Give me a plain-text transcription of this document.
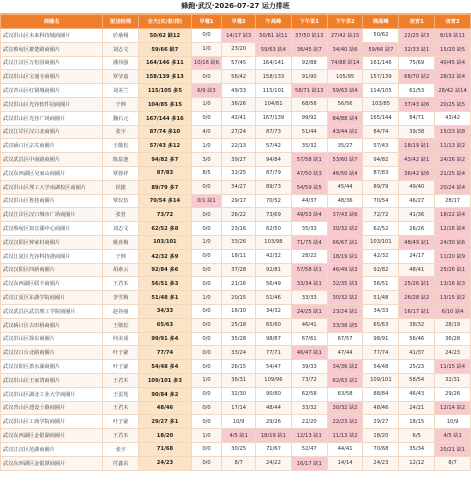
蜂跑·武汉·2026-07-27 运力排班
商圈名	配送经理	全天(实/差/排)	早餐1	早餐2	午高峰	下午茶1	下午茶2	晚高峰	夜宵1	夜宵2
武汉洪山区未来科技城商圈片	於桑栩	50/62 缺12	0/0	14/17 缺3	50/61 缺11	37/50 缺13	27/42 缺15	50/62	22/25 缺3	8/19 缺11
武汉蔡甸区雄楚路商圈片	刘志文	59/66 缺7	1/0	23/20	59/63 缺4	38/45 缺7	34/40 缺6	59/66 缺7	32/33 缺1	15/20 缺5
武汉江汉区万松园商圈片	潘伟强	164/146 多11	10/16 缺6	57/45	164/141	92/88	74/88 缺14	161/146	75/69	40/45 缺4
武汉洪山区宝通寺商圈片	覃莹嘉	158/139 多13	0/0	56/42	158/133	91/90	105/95	157/139	68/70 缺2	28/32 缺4
武汉青山区红钢城商圈片	刘美兰	115/105 多5	6/9 缺3	49/33	115/101	58/71 缺13	59/63 缺4	114/105	61/53	28/42 缺14
武汉洪山区光谷软件园商圈片	于帅	104/85 多15	1/0	36/26	104/81	68/56	56/56	103/85	37/43 缺6	20/25 缺5
武汉洪山区光谷广场商圈片	魏石元	167/144 多16	0/0	42/41	167/139	99/92	84/88 缺4	165/144	84/71	43/42
武汉江岸区汉口北商圈片	张宇	87/74 多10	4/0	27/24	87/73	51/44	43/44 缺1	84/74	39/38	15/23 缺8
武汉硚口区宗关商圈片	王敬松	57/43 多12	1/0	22/13	57/42	35/32	35/27	57/43	18/19 缺1	11/13 缺2
武汉武昌区中南路商圈片	陈泉池	94/82 多7	3/0	39/27	94/84	57/58 缺1	53/60 缺7	94/82	43/42 缺1	24/26 缺2
武汉东西湖区吴家山商圈片	覃蓉祥	87/83	8/5	32/25	87/79	47/50 缺3	46/50 缺4	87/83	36/42 缺6	21/25 缺4
武汉洪山区理工大学南湖校区商圈片	侯捷	89/79 多7	0/0	34/27	89/73	54/59 缺5	45/44	89/79	49/40	20/24 缺4
武汉洪山区鲁巷商圈片	覃玟伍	70/54 多14	0/1 缺1	29/17	70/52	44/37	48/36	70/54	46/27	28/17
武汉江岸区汉口城市广场商圈片	张菅	73/72	0/0	26/22	73/69	49/53 缺4	37/43 缺6	72/72	41/36	18/22 缺4
武汉蔡甸区知音湖中心商圈片	刘志文	62/52 多8	0/0	23/16	62/50	35/33	30/32 缺2	62/52	26/26	12/16 缺4
武汉汉阳区钟家村商圈片	姚喜梅	103/101	1/0	33/26	103/98	71/75 缺4	66/67 缺1	103/101	48/49 缺1	24/30 缺6
武汉江夏区光谷科技港商圈片	于帅	42/32 多9	0/0	18/11	42/32	28/22	18/19 缺1	42/32	24/17	11/20 缺9
武汉汉阳区四新商圈片	胡素云	92/84 多6	0/0	37/28	92/81	57/58 缺1	46/49 缺3	92/82	48/41	25/26 缺1
武汉东西湖区联丰商圈片	王君木	56/51 多3	0/0	21/16	56/49	33/34 缺1	32/35 缺3	56/51	25/26 缺1	13/16 缺3
武汉江夏区东湖学院商圈片	李雪梅	51/48 多1	1/0	20/15	51/46	33/33	30/32 缺2	51/48	26/28 缺2	13/15 缺2
武汉武昌区武昌理工学院商圈片	赵谷丽	34/33	0/0	16/10	34/32	24/25 缺1	23/24 缺1	34/33	16/17 缺1	6/10 缺4
武汉硚口区古田桥商圈片	王敬松	65/63	0/0	25/18	65/60	46/41	33/38 缺5	65/63	38/32	28/19
武汉洪山区徐东商圈片	何美成	99/91 多4	0/0	35/28	98/87	67/61	67/57	98/91	56/46	36/28
武汉汉口台北路商圈片	叶子豪	77/74	0/0	33/24	77/71	46/47 缺1	47/44	77/74	41/37	24/23
武汉汉阳区墨水湖商圈片	叶子豪	54/48 多4	0/0	26/15	54/47	39/33	34/36 缺2	54/48	25/23	11/15 缺4
武汉洪山区王家湾商圈片	王君木	109/101 多3	1/0	36/31	109/96	73/72	62/63 缺1	109/101	58/54	32/31
武汉洪山区湖北工业大学商圈片	王雷莲	90/84 多2	0/0	32/30	90/80	62/58	63/58	88/84	46/43	29/26
武汉青山区建设十路商圈片	王君木	48/46	0/0	17/14	48/44	33/32	30/32 缺2	48/46	24/21	12/14 缺2
武汉洪山区工商学院商圈片	叶子豪	29/27 多1	0/0	10/9	29/26	22/20	22/23 缺1	29/27	18/15	10/9
武汉东西湖区金银湖商圈片	王君木	18/20	1/0	4/5 缺1	18/19 缺1	12/13 缺1	11/13 缺2	18/20	6/5	4/5 缺1
武汉江汉区范湖商圈片	张宇	71/68	0/0	30/25	71/67	52/47	44/41	70/68	35/34	20/21 缺1
武汉东西湖区金银潭商圈片	付鑫东	24/23	0/0	8/7	24/22	16/17 缺1	14/14	24/23	12/12	8/7
